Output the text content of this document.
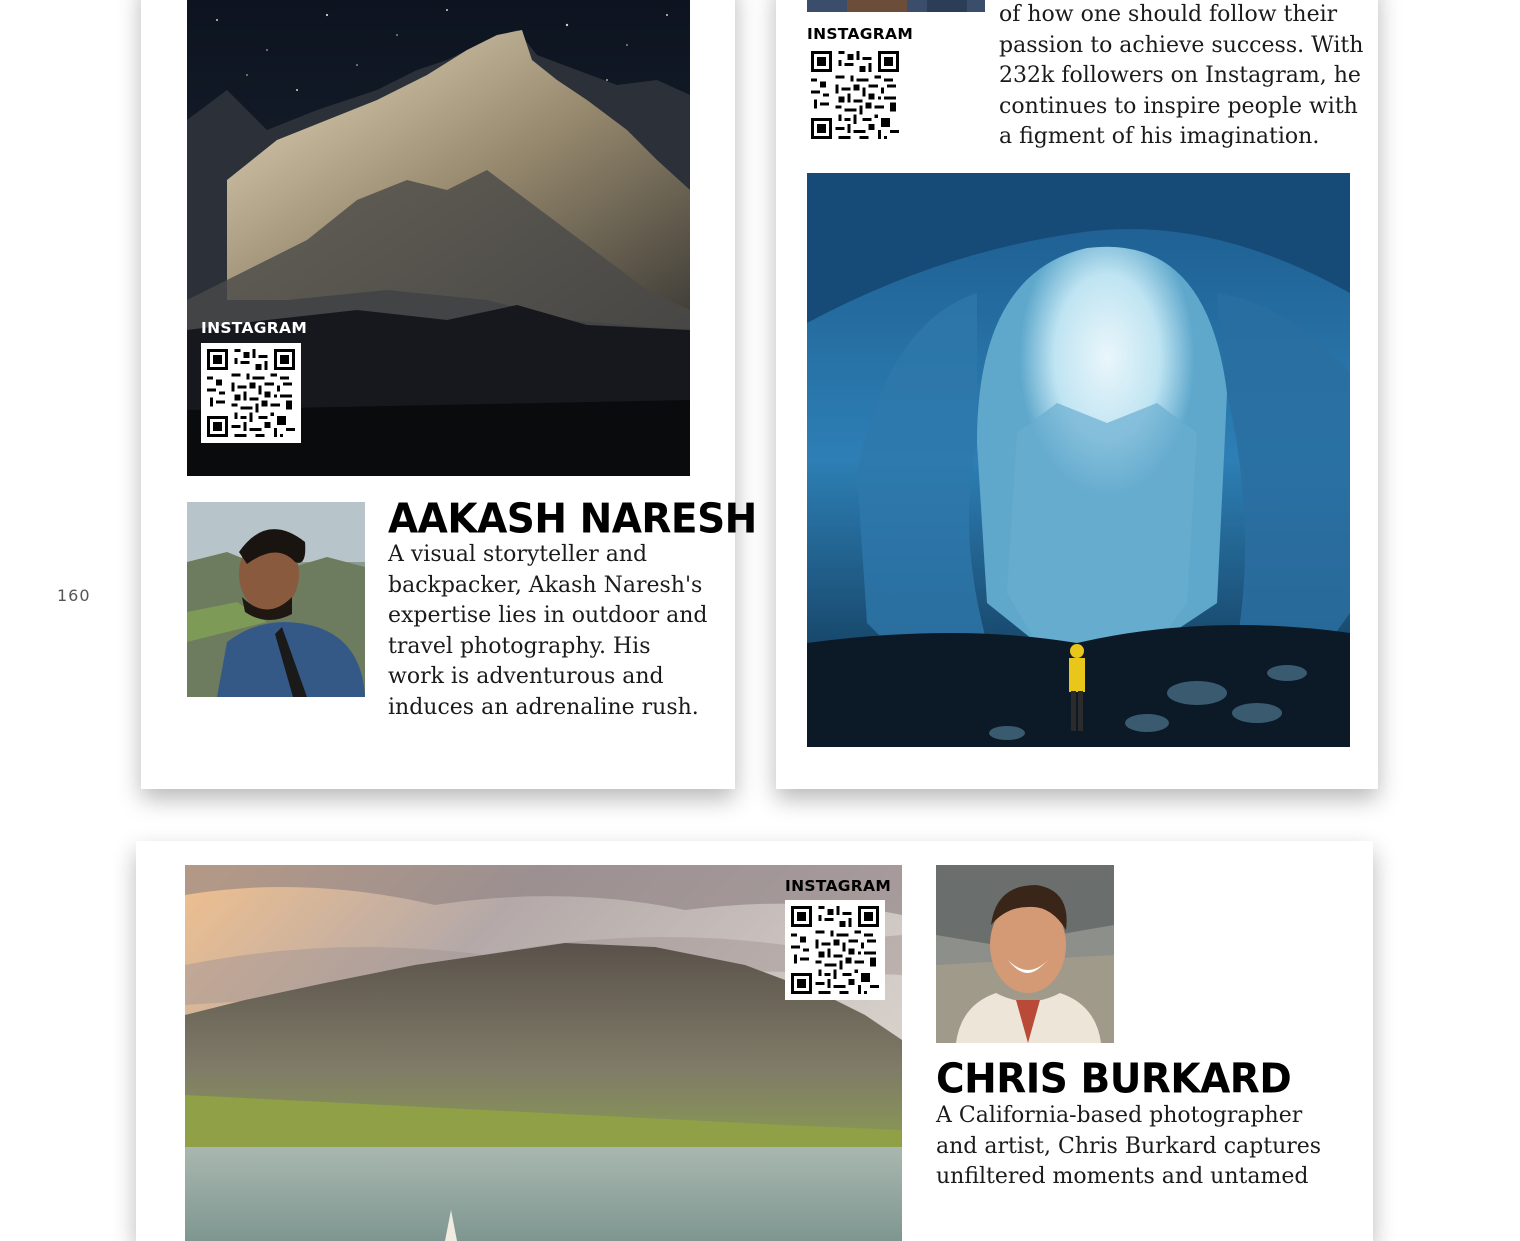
160
INSTAGRAM
AAKASH NARESH

A visual storyteller and backpacker, Akash Naresh's expertise lies in outdoor and travel photography. His work is adventurous and induces an adrenaline rush.

INSTAGRAM

of how one should follow their passion to achieve success. With 232k followers on Instagram, he continues to inspire people with a figment of his imagination.

INSTAGRAM
CHRIS BURKARD

A California-based photographer and artist, Chris Burkard captures unfiltered moments and untamed
